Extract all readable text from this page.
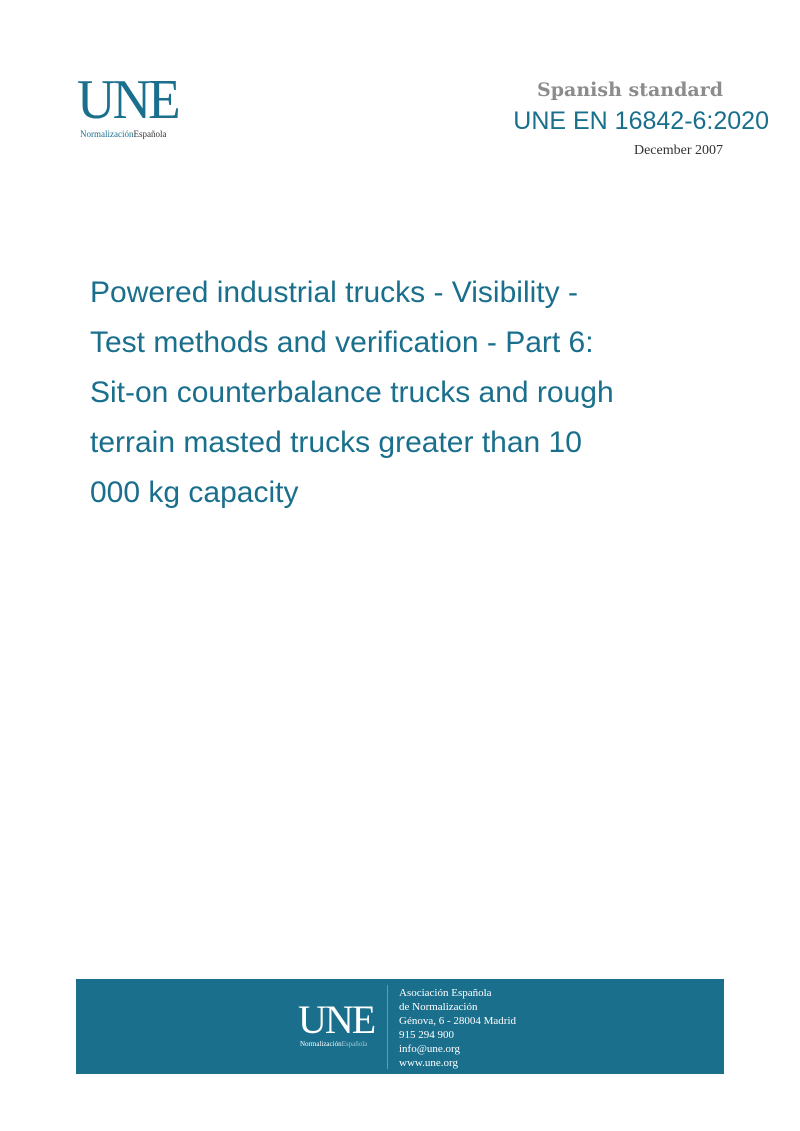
UNE
NormalizaciónEspañola
Spanish standard
UNE EN 16842-6:2020
December 2007
Powered industrial trucks - Visibility - Test methods and verification - Part 6: Sit-on counterbalance trucks and rough terrain masted trucks greater than 10 000 kg capacity
UNE
NormalizaciónEspañola
Asociación Española
de Normalización
Génova, 6 - 28004 Madrid
915 294 900
info@une.org
www.une.org
